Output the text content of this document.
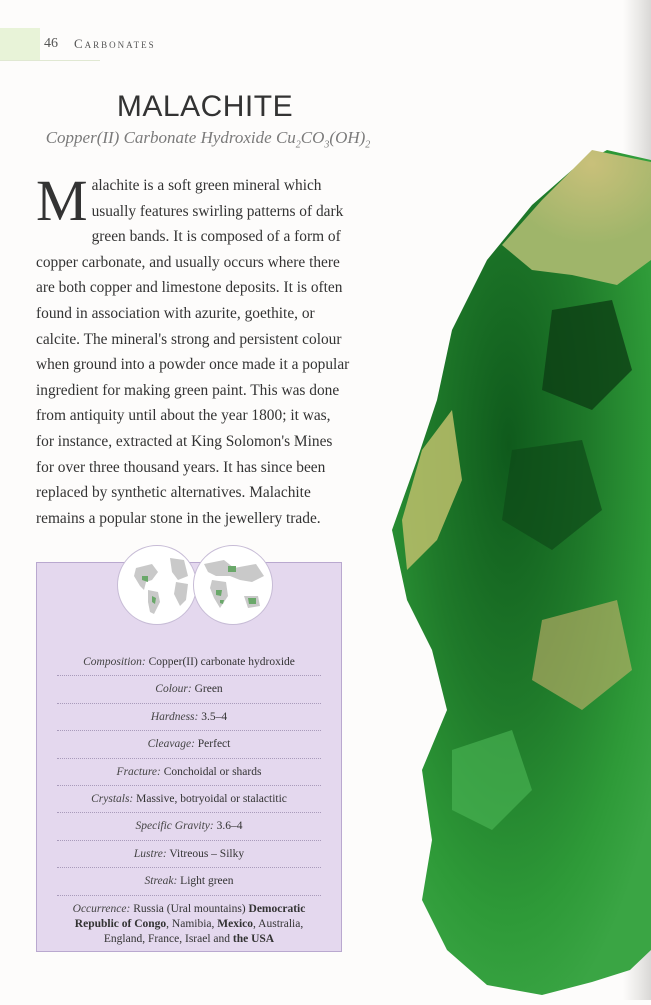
46 Carbonates
MALACHITE
Copper(II) Carbonate Hydroxide $Cu_2CO_3(OH)_2$
Malachite is a soft green mineral which usually features swirling patterns of dark green bands. It is composed of a form of copper carbonate, and usually occurs where there are both copper and limestone deposits. It is often found in association with azurite, goethite, or calcite. The mineral's strong and persistent colour when ground into a powder once made it a popular ingredient for making green paint. This was done from antiquity until about the year 1800; it was, for instance, extracted at King Solomon's Mines for over three thousand years. It has since been replaced by synthetic alternatives. Malachite remains a popular stone in the jewellery trade.
Composition: Copper(II) carbonate hydroxide
Colour: Green
Hardness: 3.5–4
Cleavage: Perfect
Fracture: Conchoidal or shards
Crystals: Massive, botryoidal or stalactitic
Specific Gravity: 3.6–4
Lustre: Vitreous – Silky
Streak: Light green
Occurrence: Russia (Ural mountains) Democratic Republic of Congo, Namibia, Mexico, Australia, England, France, Israel and the USA
